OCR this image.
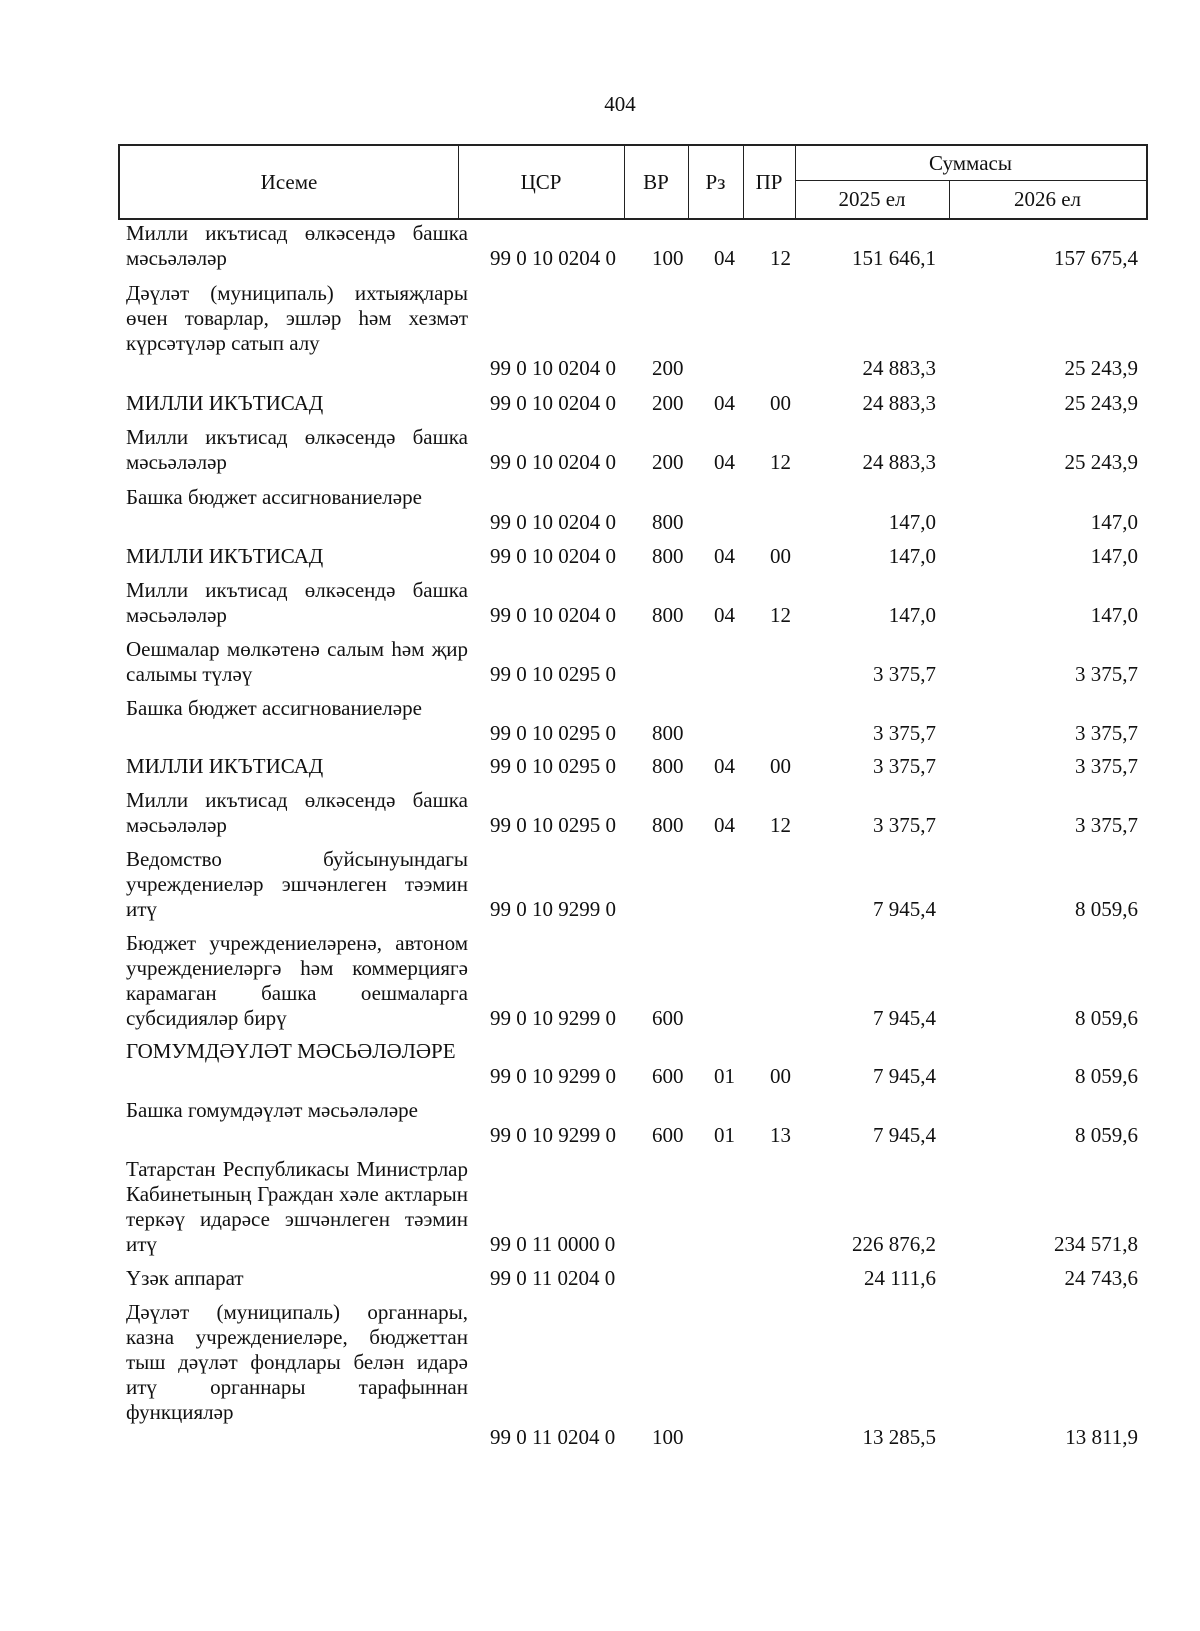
404
Исеме	ЦСР	ВР	Рз	ПР
Суммасы
2025 ел	2026 ел
Милли икътисад өлкәсендә башка мәсьәләләр	99 0 10 0204 0 100	04	12	151 646,1	157 675,4
Дәүләт (муниципаль) ихтыяҗлары өчен товарлар, эшләр һәм хезмәт күрсәтүләр сатып алу
99 0 10 0204 0 200	24 883,3	25 243,9
МИЛЛИ ИКЪТИСАД	99 0 10 0204 0 200	04	00	24 883,3	25 243,9
Милли икътисад өлкәсендә башка мәсьәләләр	99 0 10 0204 0 200	04	12	24 883,3	25 243,9
Башка бюджет ассигнованиеләре
99 0 10 0204 0 800	147,0	147,0
МИЛЛИ ИКЪТИСАД	99 0 10 0204 0 800	04	00	147,0	147,0
Милли икътисад өлкәсендә башка мәсьәләләр	99 0 10 0204 0 800	04	12	147,0	147,0
Оешмалар мөлкәтенә салым һәм җир салымы түләү	99 0 10 0295 0	3 375,7	3 375,7
Башка бюджет ассигнованиеләре
99 0 10 0295 0 800	3 375,7	3 375,7
МИЛЛИ ИКЪТИСАД	99 0 10 0295 0 800	04	00	3 375,7	3 375,7
Милли икътисад өлкәсендә башка мәсьәләләр	99 0 10 0295 0 800	04	12	3 375,7	3 375,7
Ведомство буйсынуындагы учреждениеләр эшчәнлеген тәэмин итү	99 0 10 9299 0	7 945,4	8 059,6
Бюджет учреждениеләренә, автоном учреждениеләргә һәм коммерциягә карамаган башка оешмаларга субсидияләр бирү	99 0 10 9299 0 600	7 945,4	8 059,6
ГОМУМДӘҮЛӘТ МӘСЬӘЛӘЛӘРЕ
99 0 10 9299 0 600	01	00	7 945,4	8 059,6
Башка гомумдәүләт мәсьәләләре
99 0 10 9299 0 600	01	13	7 945,4	8 059,6
Татарстан Республикасы Министрлар Кабинетының Граждан хәле актларын теркәү идарәсе эшчәнлеген тәэмин итү	99 0 11 0000 0	226 876,2	234 571,8
Үзәк аппарат	99 0 11 0204 0	24 111,6	24 743,6
Дәүләт (муниципаль) органнары, казна учреждениеләре, бюджеттан тыш дәүләт фондлары белән идарә итү органнары тарафыннан функцияләр
99 0 11 0204 0 100	13 285,5	13 811,9
